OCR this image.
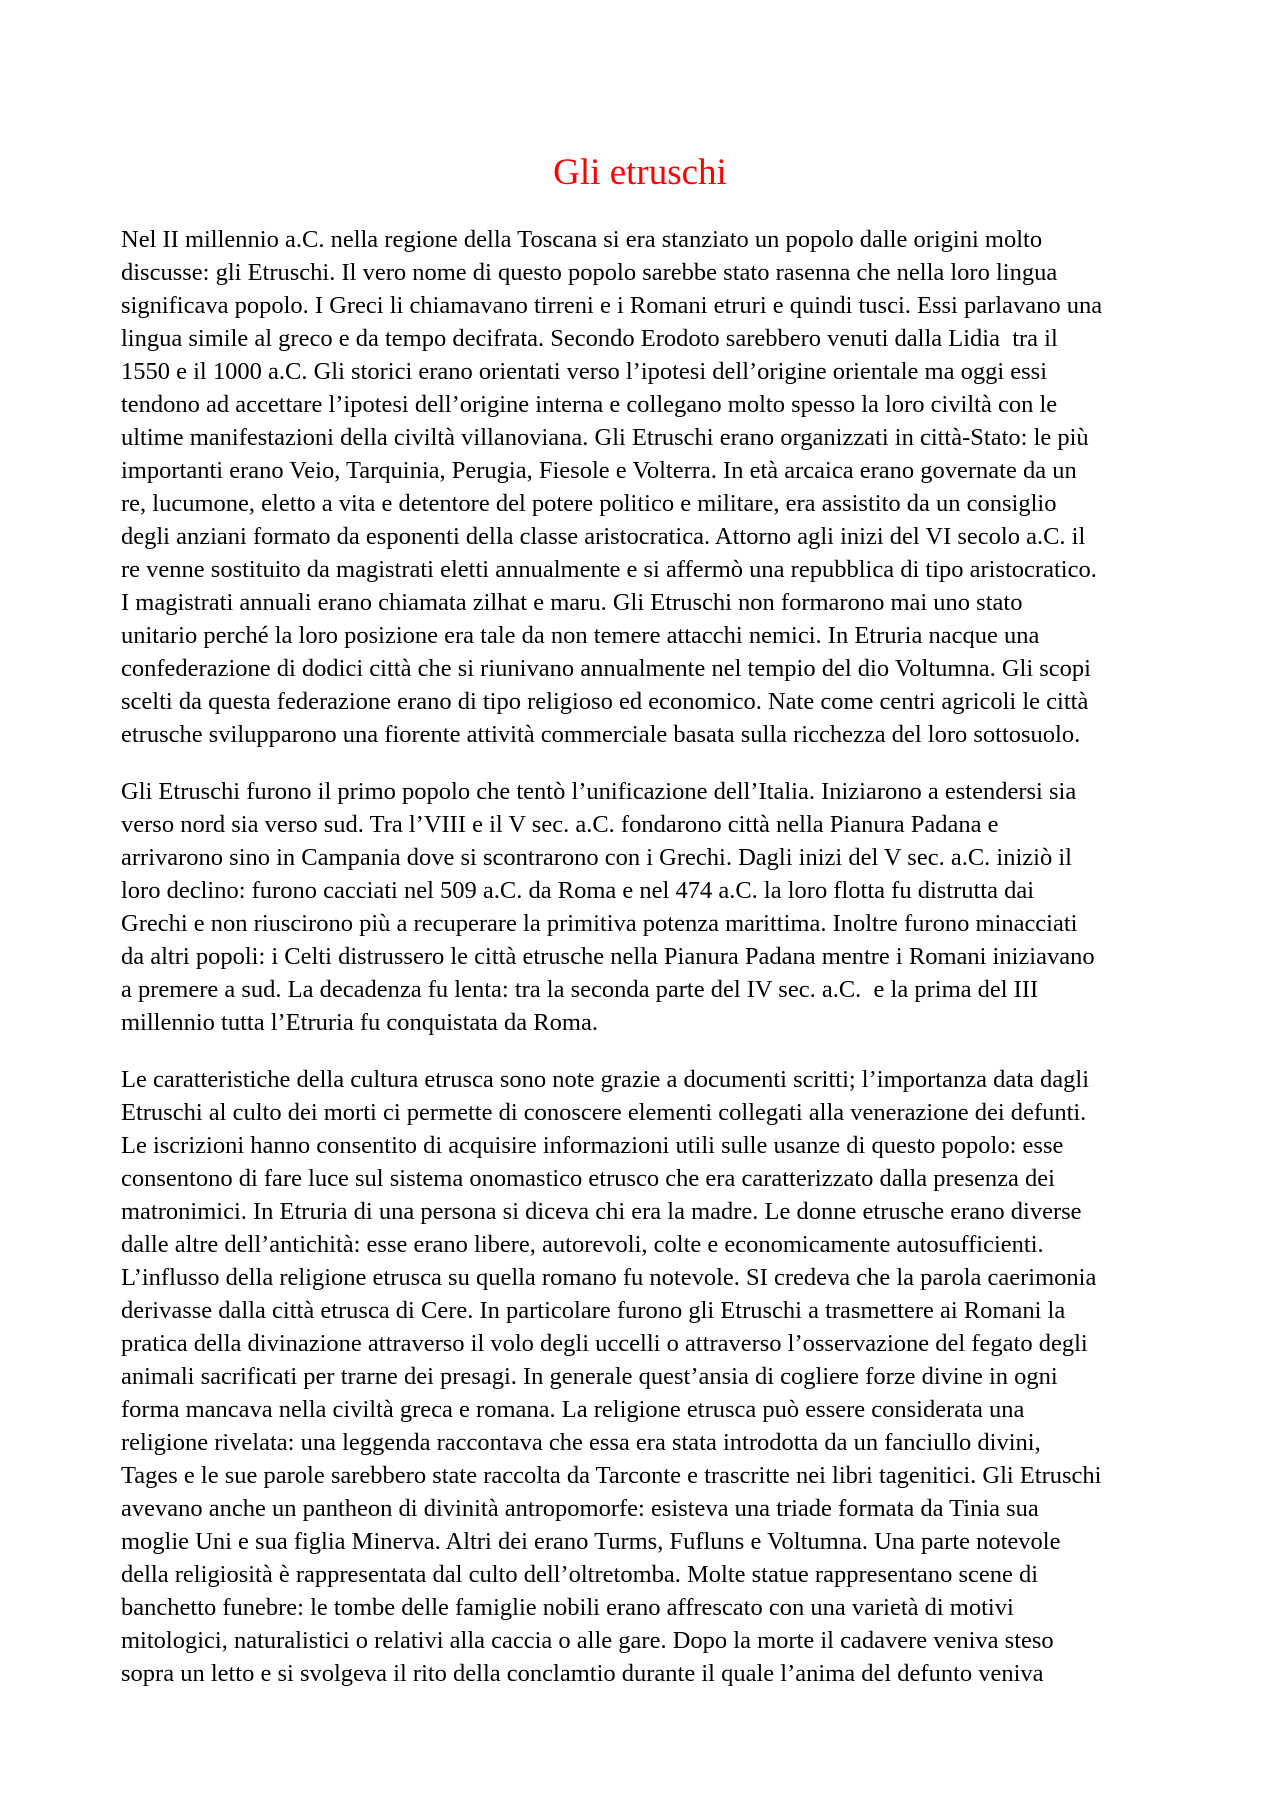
Gli etruschi
Nel II millennio a.C. nella regione della Toscana si era stanziato un popolo dalle origini molto
discusse: gli Etruschi. Il vero nome di questo popolo sarebbe stato rasenna che nella loro lingua
significava popolo. I Greci li chiamavano tirreni e i Romani etruri e quindi tusci. Essi parlavano una
lingua simile al greco e da tempo decifrata. Secondo Erodoto sarebbero venuti dalla Lidia  tra il
1550 e il 1000 a.C. Gli storici erano orientati verso l’ipotesi dell’origine orientale ma oggi essi
tendono ad accettare l’ipotesi dell’origine interna e collegano molto spesso la loro civiltà con le
ultime manifestazioni della civiltà villanoviana. Gli Etruschi erano organizzati in città-Stato: le più
importanti erano Veio, Tarquinia, Perugia, Fiesole e Volterra. In età arcaica erano governate da un
re, lucumone, eletto a vita e detentore del potere politico e militare, era assistito da un consiglio
degli anziani formato da esponenti della classe aristocratica. Attorno agli inizi del VI secolo a.C. il
re venne sostituito da magistrati eletti annualmente e si affermò una repubblica di tipo aristocratico.
I magistrati annuali erano chiamata zilhat e maru. Gli Etruschi non formarono mai uno stato
unitario perché la loro posizione era tale da non temere attacchi nemici. In Etruria nacque una
confederazione di dodici città che si riunivano annualmente nel tempio del dio Voltumna. Gli scopi
scelti da questa federazione erano di tipo religioso ed economico. Nate come centri agricoli le città
etrusche svilupparono una fiorente attività commerciale basata sulla ricchezza del loro sottosuolo.
Gli Etruschi furono il primo popolo che tentò l’unificazione dell’Italia. Iniziarono a estendersi sia
verso nord sia verso sud. Tra l’VIII e il V sec. a.C. fondarono città nella Pianura Padana e
arrivarono sino in Campania dove si scontrarono con i Grechi. Dagli inizi del V sec. a.C. iniziò il
loro declino: furono cacciati nel 509 a.C. da Roma e nel 474 a.C. la loro flotta fu distrutta dai
Grechi e non riuscirono più a recuperare la primitiva potenza marittima. Inoltre furono minacciati
da altri popoli: i Celti distrussero le città etrusche nella Pianura Padana mentre i Romani iniziavano
a premere a sud. La decadenza fu lenta: tra la seconda parte del IV sec. a.C.  e la prima del III
millennio tutta l’Etruria fu conquistata da Roma.
Le caratteristiche della cultura etrusca sono note grazie a documenti scritti; l’importanza data dagli
Etruschi al culto dei morti ci permette di conoscere elementi collegati alla venerazione dei defunti.
Le iscrizioni hanno consentito di acquisire informazioni utili sulle usanze di questo popolo: esse
consentono di fare luce sul sistema onomastico etrusco che era caratterizzato dalla presenza dei
matronimici. In Etruria di una persona si diceva chi era la madre. Le donne etrusche erano diverse
dalle altre dell’antichità: esse erano libere, autorevoli, colte e economicamente autosufficienti.
L’influsso della religione etrusca su quella romano fu notevole. SI credeva che la parola caerimonia
derivasse dalla città etrusca di Cere. In particolare furono gli Etruschi a trasmettere ai Romani la
pratica della divinazione attraverso il volo degli uccelli o attraverso l’osservazione del fegato degli
animali sacrificati per trarne dei presagi. In generale quest’ansia di cogliere forze divine in ogni
forma mancava nella civiltà greca e romana. La religione etrusca può essere considerata una
religione rivelata: una leggenda raccontava che essa era stata introdotta da un fanciullo divini,
Tages e le sue parole sarebbero state raccolta da Tarconte e trascritte nei libri tagenitici. Gli Etruschi
avevano anche un pantheon di divinità antropomorfe: esisteva una triade formata da Tinia sua
moglie Uni e sua figlia Minerva. Altri dei erano Turms, Fufluns e Voltumna. Una parte notevole
della religiosità è rappresentata dal culto dell’oltretomba. Molte statue rappresentano scene di
banchetto funebre: le tombe delle famiglie nobili erano affrescato con una varietà di motivi
mitologici, naturalistici o relativi alla caccia o alle gare. Dopo la morte il cadavere veniva steso
sopra un letto e si svolgeva il rito della conclamtio durante il quale l’anima del defunto veniva
